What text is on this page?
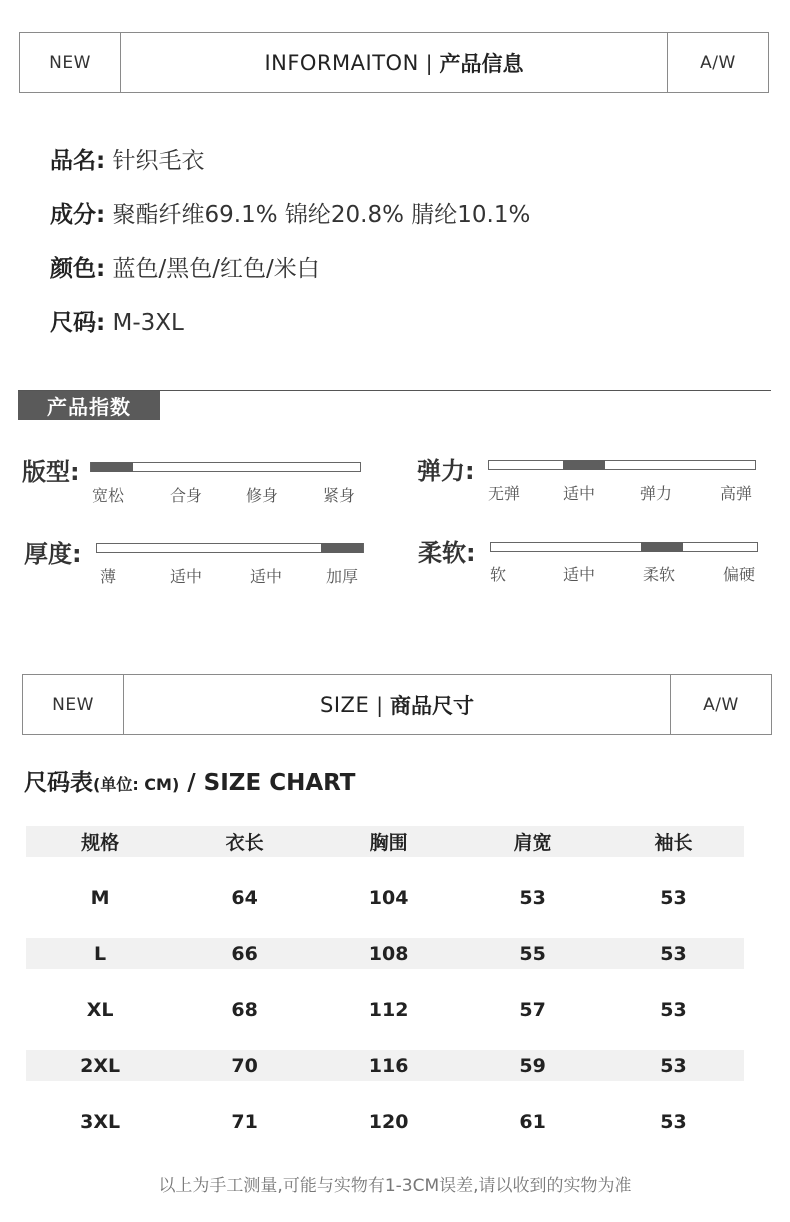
NEW	INFORMAITON | 产品信息	A/W
品名: 针织毛衣
成分: 聚酯纤维69.1% 锦纶20.8% 腈纶10.1%
颜色: 蓝色/黑色/红色/米白
尺码: M-3XL
产品指数
版型:
宽松	合身	修身	紧身
弹力:
无弹	适中	弹力	高弹
厚度:
薄	适中	适中	加厚
柔软:
软	适中	柔软	偏硬
NEW	SIZE | 商品尺寸	A/W
尺码表(单位: CM) / SIZE CHART
规格	衣长	胸围	肩宽	袖长

M	64	104	53	53

L	66	108	55	53

XL	68	112	57	53

2XL	70	116	59	53

3XL	71	120	61	53
以上为手工测量,可能与实物有1-3CM误差,请以收到的实物为准
